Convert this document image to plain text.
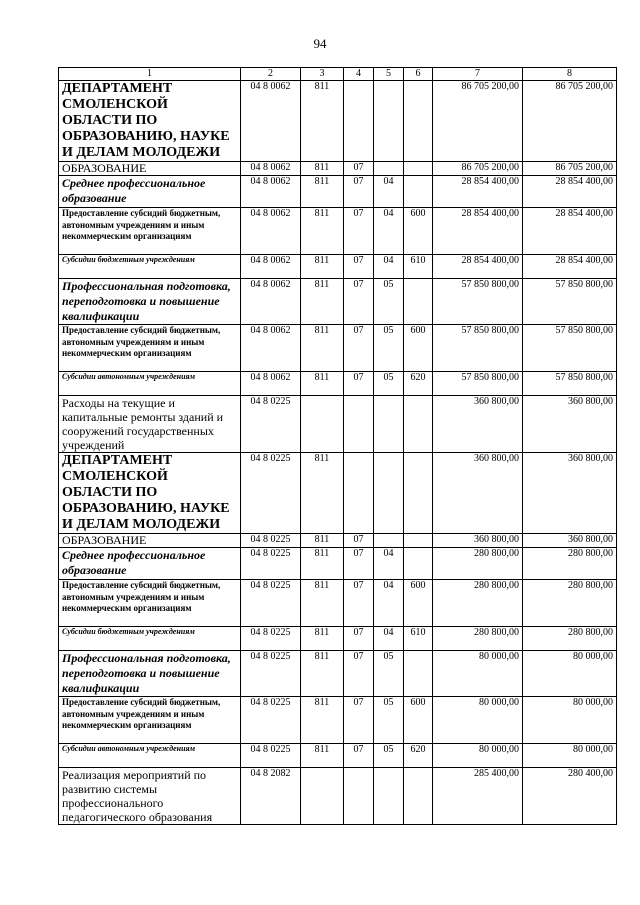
94
1	2	3	4	5	6	7	8
ДЕПАРТАМЕНТ СМОЛЕНСКОЙ ОБЛАСТИ ПО ОБРАЗОВАНИЮ, НАУКЕ И ДЕЛАМ МОЛОДЕЖИ	04 8 0062	811				86 705 200,00	86 705 200,00
ОБРАЗОВАНИЕ	04 8 0062	811	07			86 705 200,00	86 705 200,00
Среднее профессиональное образование	04 8 0062	811	07	04		28 854 400,00	28 854 400,00
Предоставление субсидий бюджетным, автономным учреждениям и иным некоммерческим организациям	04 8 0062	811	07	04	600	28 854 400,00	28 854 400,00
Субсидии бюджетным учреждениям	04 8 0062	811	07	04	610	28 854 400,00	28 854 400,00
Профессиональная подготовка, переподготовка и повышение квалификации	04 8 0062	811	07	05		57 850 800,00	57 850 800,00
Предоставление субсидий бюджетным, автономным учреждениям и иным некоммерческим организациям	04 8 0062	811	07	05	600	57 850 800,00	57 850 800,00
Субсидии автономным учреждениям	04 8 0062	811	07	05	620	57 850 800,00	57 850 800,00
Расходы на текущие и капитальные ремонты зданий и сооружений государственных учреждений	04 8 0225					360 800,00	360 800,00
ДЕПАРТАМЕНТ СМОЛЕНСКОЙ ОБЛАСТИ ПО ОБРАЗОВАНИЮ, НАУКЕ И ДЕЛАМ МОЛОДЕЖИ	04 8 0225	811				360 800,00	360 800,00
ОБРАЗОВАНИЕ	04 8 0225	811	07			360 800,00	360 800,00
Среднее профессиональное образование	04 8 0225	811	07	04		280 800,00	280 800,00
Предоставление субсидий бюджетным, автономным учреждениям и иным некоммерческим организациям	04 8 0225	811	07	04	600	280 800,00	280 800,00
Субсидии бюджетным учреждениям	04 8 0225	811	07	04	610	280 800,00	280 800,00
Профессиональная подготовка, переподготовка и повышение квалификации	04 8 0225	811	07	05		80 000,00	80 000,00
Предоставление субсидий бюджетным, автономным учреждениям и иным некоммерческим организациям	04 8 0225	811	07	05	600	80 000,00	80 000,00
Субсидии автономным учреждениям	04 8 0225	811	07	05	620	80 000,00	80 000,00
Реализация мероприятий по развитию системы профессионального педагогического образования	04 8 2082					285 400,00	280 400,00
